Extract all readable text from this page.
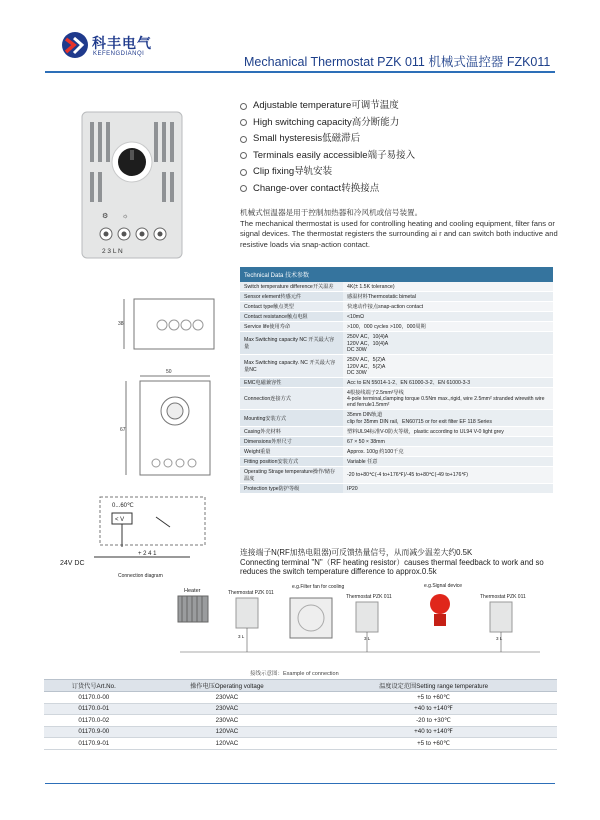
科丰电气
KEFENGDIANQI
Mechanical Thermostat PZK 011 机械式温控器 FZK011
⚙ ☼
2 3 L N
38
50
67
0...60℃
< V
+ 2 4 1
24V DC
Connection diagram
Adjustable temperature可调节温度
High switching capacity高分断能力
Small hysteresis低磁滞后
Terminals easily accessible端子易接入
Clip fixing导轨安装
Change-over contact转换接点

机械式恒温器是用于控制加热器和冷风机或信号装置。

The mechanical thermostat is used for controlling heating and cooling equipment, filter fans or signal devices. The thermostat registers the surrounding ai r and can switch both inductive and resistive loads via snap-action contact.

Technical Data 技术参数	
Switch temperature difference开关温差	4K(± 1.5K tolerance)
Sensor element传感元件	感温材料Thermostatic bimetal
Contact type触点类型	快速动作接点snap-action contact
Contact resistance触点电阻	<10mΩ
Service life使用寿命	>100，000 cycles >100，000周期
Max Switching capacity NC 开关最大容量	250V AC，10(4)A
120V AC，10(4)A
DC 30W
Max Switching capacity. NC 开关最大容量NC	250V AC，5(2)A
120V AC，5(2)A
DC 30W
EMC电磁兼容性	Acc to EN 55014-1-2、EN 61000-3-2、EN 61000-3-3
Connection连接方式	4根接线端子2.5mm²导线
4-pole terminal,clamping torque 0.5Nm max.,rigid, wire 2.5mm² stranded wirewith wire end ferrule1.5mm²
Mounting安装方式	35mm DIN轨道
clip for 35mm DIN rail，EN60715 or for exit filter EF 118 Series
Casing外壳材料	塑料UL94标准V-0防火等级，plastic according to UL94 V-0 light grey
Dimensions外形尺寸	67 × 50 × 38mm
Weight重量	Approx. 100g 约100千克
Fitting position安装方式	Variable 任意
Operating Strage temperature操作/储存温度	-20 to+80℃(-4 to+176℉)/-45 to+80℃(-49 to+176℉)
Protection type防护等级	IP20
连接端子N(RF加热电阻器)可反馈热量信号，从而减少温差大约0.5K
Connecting terminal "N"（RF heating resistor）causes thermal feedback to work and so reduces the switch temperature difference to approx.0.5k
Heater	Thermostat PZK 011
3 L
e.g.Filter fan for cooling
Thermostat PZK 011
3 L
e.g.Signal device
Thermostat PZK 011
3 L
接线示意图：Example of connection
订货代号Art.No.	操作电压Operating voltage	温度设定范围Setting range temperature
01170.0-00	230VAC	+5 to +60℃
01170.0-01	230VAC	+40 to +140℉
01170.0-02	230VAC	-20 to +30℃
01170.9-00	120VAC	+40 to +140℉
01170.9-01	120VAC	+5 to +60℃
